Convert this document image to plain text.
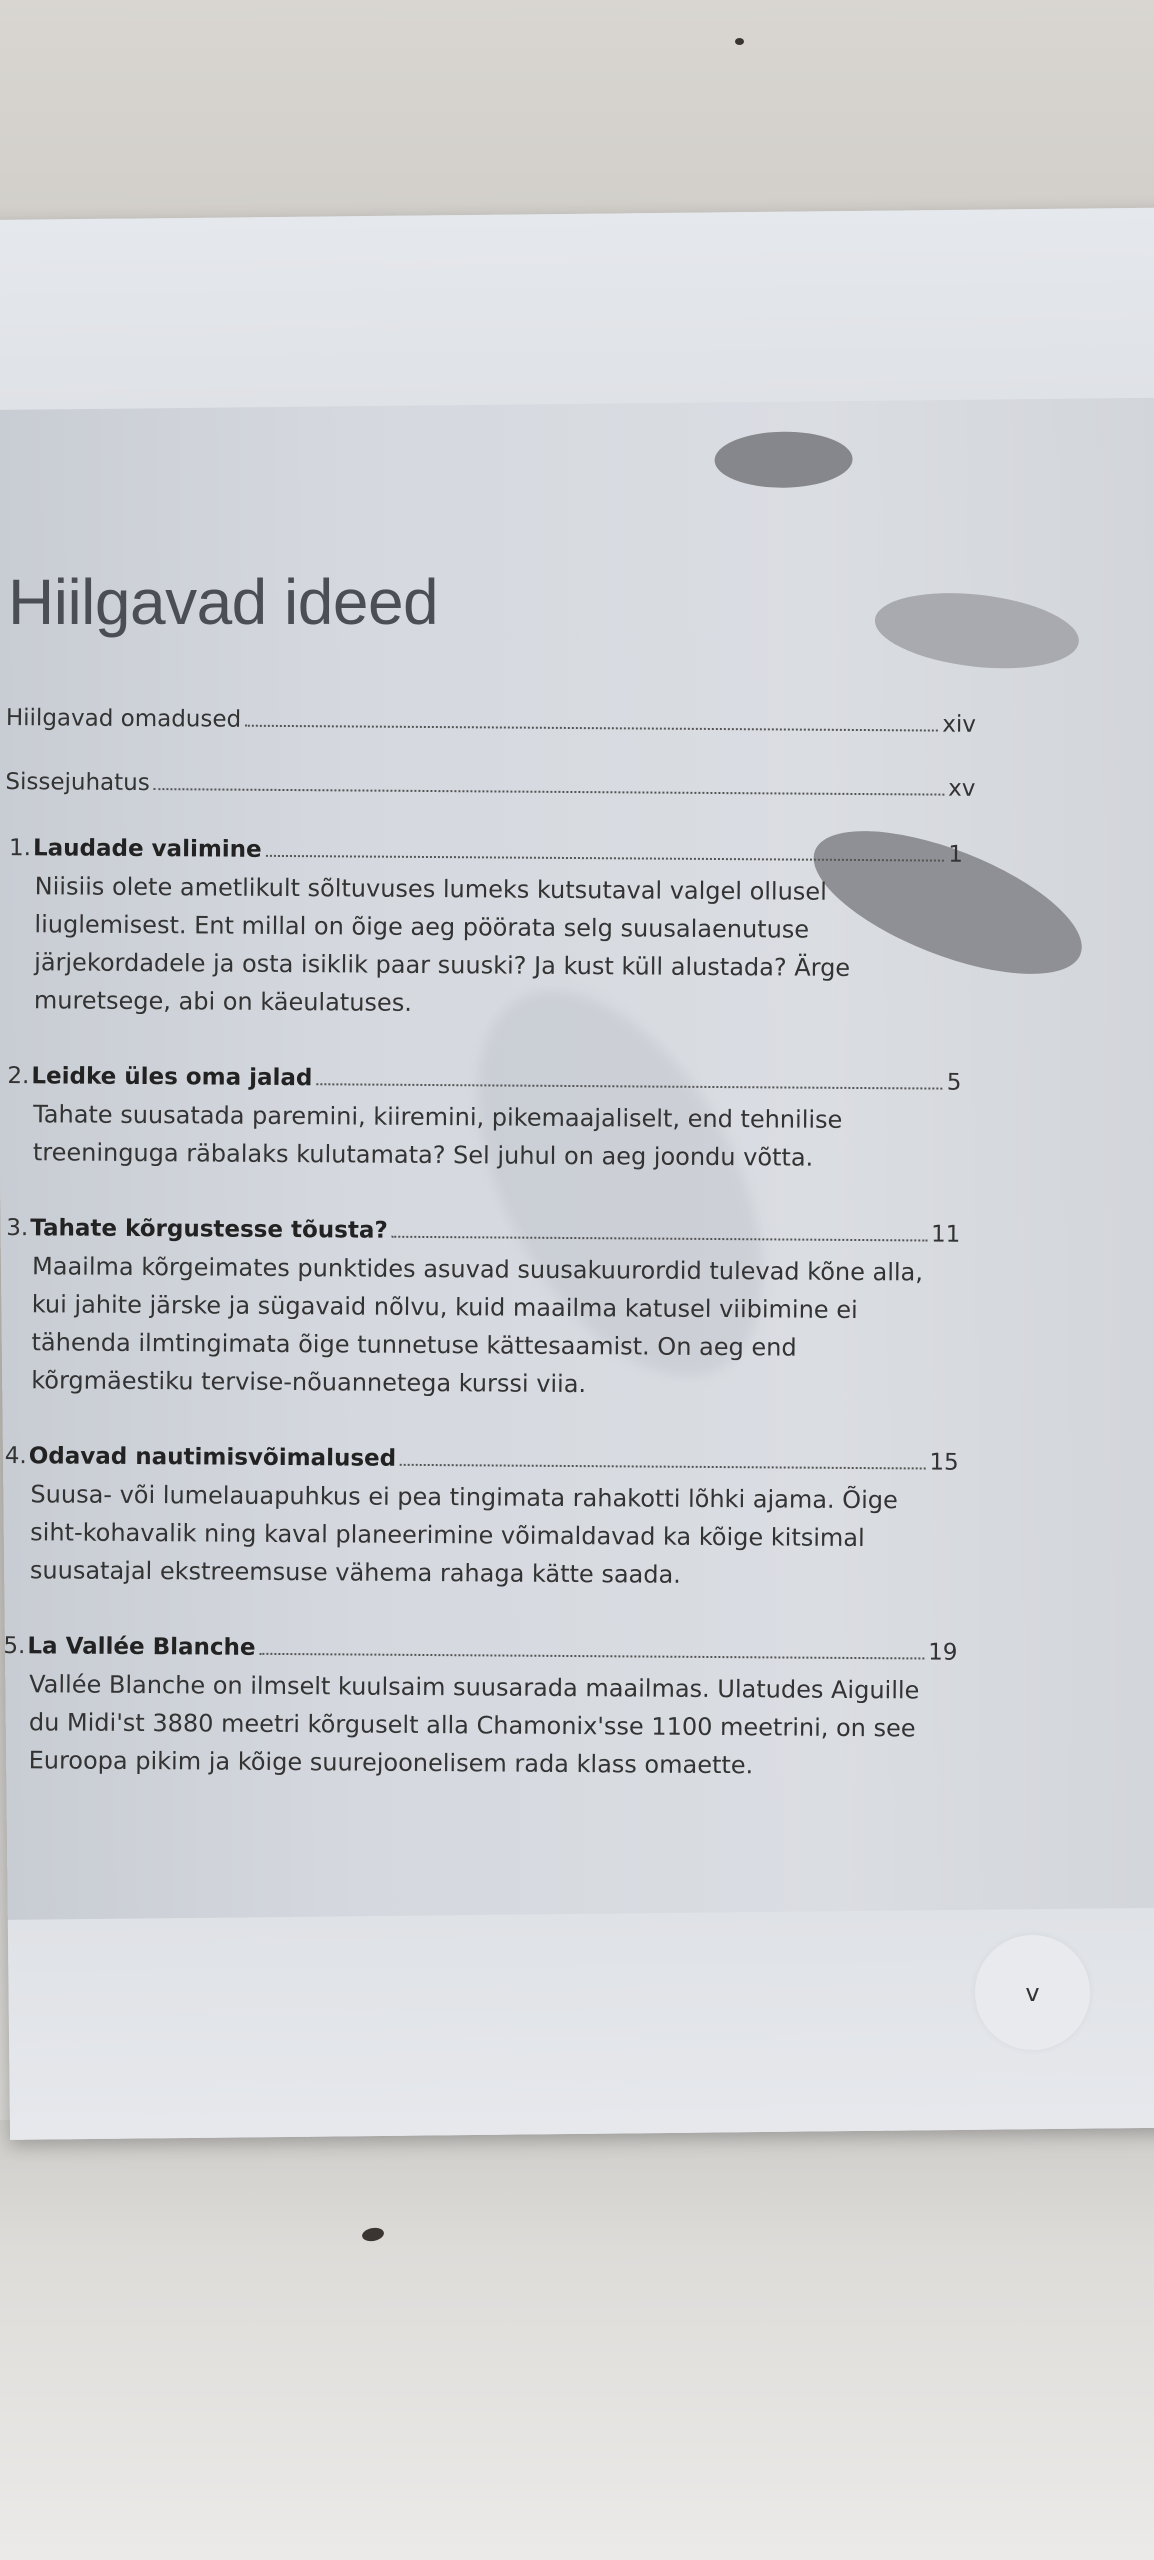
Hiilgavad ideed
Hiilgavad omadused	xiv
Sissejuhatus	xv
1. Laudade valimine	1
Niisiis olete ametlikult sõltuvuses lumeks kutsutaval valgel ollusel liuglemisest. Ent millal on õige aeg pöörata selg suusalaenutuse järjekordadele ja osta isiklik paar suuski? Ja kust küll alustada? Ärge muretsege, abi on käeulatuses.
2. Leidke üles oma jalad	5
Tahate suusatada paremini, kiiremini, pikemaajaliselt, end tehnilise treeninguga räbalaks kulutamata? Sel juhul on aeg joondu võtta.
3. Tahate kõrgustesse tõusta?	11
Maailma kõrgeimates punktides asuvad suusakuurordid tulevad kõne alla, kui jahite järske ja sügavaid nõlvu, kuid maailma katusel viibimine ei tähenda ilmtingimata õige tunnetuse kättesaamist. On aeg end kõrgmäestiku tervise-nõuannetega kurssi viia.
4. Odavad nautimisvõimalused	15
Suusa- või lumelauapuhkus ei pea tingimata rahakotti lõhki ajama. Õige siht-kohavalik ning kaval planeerimine võimaldavad ka kõige kitsimal suusatajal ekstreemsuse vähema rahaga kätte saada.
5. La Vallée Blanche	19
Vallée Blanche on ilmselt kuulsaim suusarada maailmas. Ulatudes Aiguille du Midi'st 3880 meetri kõrguselt alla Chamonix'sse 1100 meetrini, on see Euroopa pikim ja kõige suurejoonelisem rada klass omaette.
v
